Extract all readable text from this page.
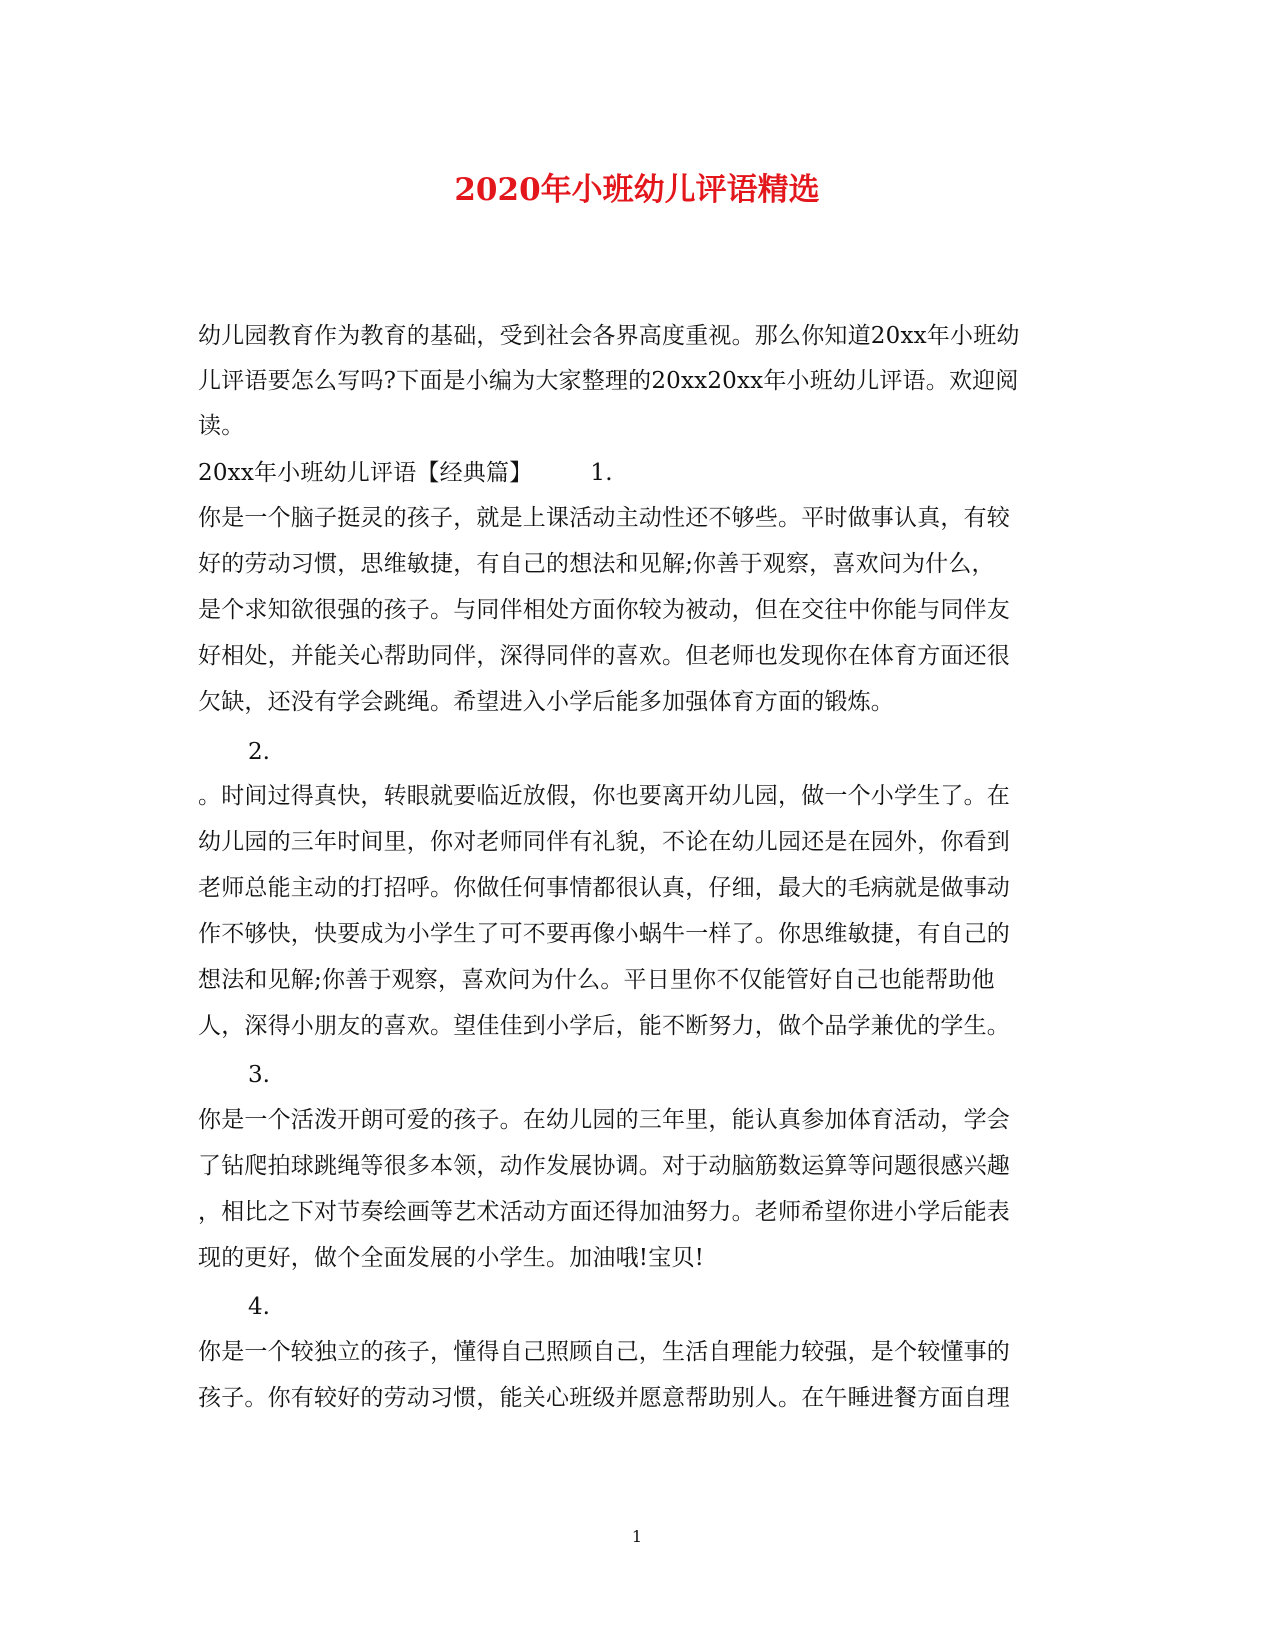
2020年小班幼儿评语精选
幼儿园教育作为教育的基础，受到社会各界高度重视。那么你知道20xx年小班幼
儿评语要怎么写吗?下面是小编为大家整理的20xx20xx年小班幼儿评语。欢迎阅
读。
20xx年小班幼儿评语【经典篇】	1.
你是一个脑子挺灵的孩子，就是上课活动主动性还不够些。平时做事认真，有较
好的劳动习惯，思维敏捷，有自己的想法和见解;你善于观察，喜欢问为什么，
是个求知欲很强的孩子。与同伴相处方面你较为被动，但在交往中你能与同伴友
好相处，并能关心帮助同伴，深得同伴的喜欢。但老师也发现你在体育方面还很
欠缺，还没有学会跳绳。希望进入小学后能多加强体育方面的锻炼。
2.
。时间过得真快，转眼就要临近放假，你也要离开幼儿园，做一个小学生了。在
幼儿园的三年时间里，你对老师同伴有礼貌，不论在幼儿园还是在园外，你看到
老师总能主动的打招呼。你做任何事情都很认真，仔细，最大的毛病就是做事动
作不够快，快要成为小学生了可不要再像小蜗牛一样了。你思维敏捷，有自己的
想法和见解;你善于观察，喜欢问为什么。平日里你不仅能管好自己也能帮助他
人，深得小朋友的喜欢。望佳佳到小学后，能不断努力，做个品学兼优的学生。
3.
你是一个活泼开朗可爱的孩子。在幼儿园的三年里，能认真参加体育活动，学会
了钻爬拍球跳绳等很多本领，动作发展协调。对于动脑筋数运算等问题很感兴趣
，相比之下对节奏绘画等艺术活动方面还得加油努力。老师希望你进小学后能表
现的更好，做个全面发展的小学生。加油哦!宝贝!
4.
你是一个较独立的孩子，懂得自己照顾自己，生活自理能力较强，是个较懂事的
孩子。你有较好的劳动习惯，能关心班级并愿意帮助别人。在午睡进餐方面自理
1
